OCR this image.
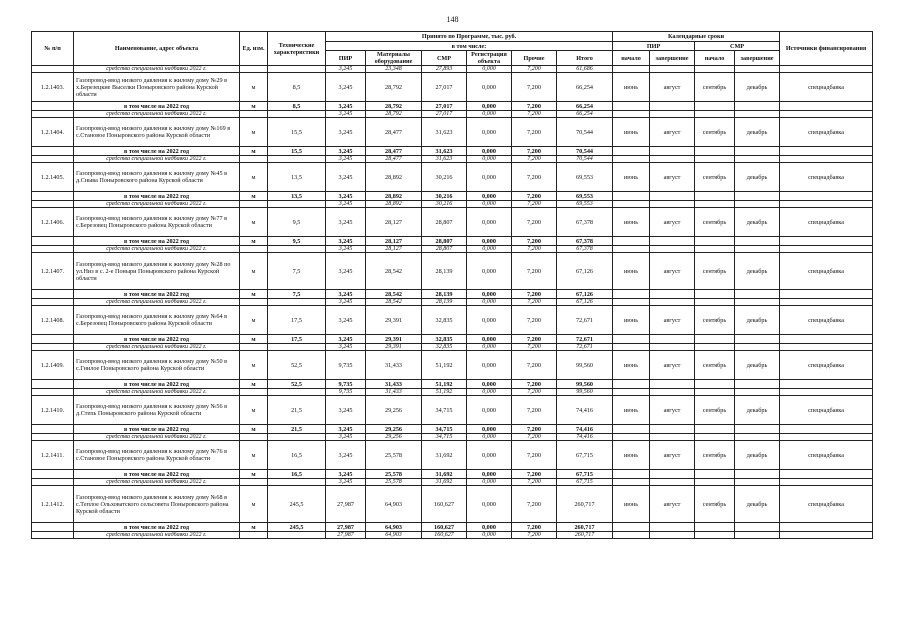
148
№ п/п	Наименование, адрес объекта	Ед. изм.	Технические характеристики	Принято по Программе, тыс. руб.						Календарные сроки				Источники финансирования
				в том числе:						ПИР		СМР		
				ПИР	Материалы оборудование	СМР	Регистрация объекта	Прочие	Итого	начало	завершение	начало	завершение	
	средства специальной надбавки 2022 г.			3,245	23,348	27,893	0,000	7,200	61,686					
1.2.1403.	Газопровод-ввод низкого давления к жилому дому №29 в х.Березецкие Выселки Поныровского района Курской области	м	8,5	3,245	28,792	27,017	0,000	7,200	66,254	июнь	август	сентябрь	декабрь	спецнадбавка
	в том числе на 2022 год	м	8,5	3,245	28,792	27,017	0,000	7,200	66,254					
	средства специальной надбавки 2022 г.			3,245	28,792	27,017	0,000	7,200	66,254					
1.2.1404.	Газопровод-ввод низкого давления к жилому дому №169 в с.Становое Поныровского района Курской области	м	15,5	3,245	28,477	31,623	0,000	7,200	70,544	июнь	август	сентябрь	декабрь	спецнадбавка
	в том числе на 2022 год	м	15,5	3,245	28,477	31,623	0,000	7,200	70,544					
	средства специальной надбавки 2022 г.			3,245	28,477	31,623	0,000	7,200	70,544					
1.2.1405.	Газопровод-ввод низкого давления к жилому дому №45 в д.Сныва Поныровского района Курской области	м	13,5	3,245	28,892	30,216	0,000	7,200	69,553	июнь	август	сентябрь	декабрь	спецнадбавка
	в том числе на 2022 год	м	13,5	3,245	28,892	30,216	0,000	7,200	69,553					
	средства специальной надбавки 2022 г.			3,245	28,892	30,216	0,000	7,200	69,553					
1.2.1406.	Газопровод-ввод низкого давления к жилому дому №77 в с.Березовец Поныровского района Курской области	м	9,5	3,245	28,127	28,807	0,000	7,200	67,378	июнь	август	сентябрь	декабрь	спецнадбавка
	в том числе на 2022 год	м	9,5	3,245	28,127	28,807	0,000	7,200	67,378					
	средства специальной надбавки 2022 г.			3,245	28,127	28,807	0,000	7,200	67,378					
1.2.1407.	Газопровод-ввод низкого давления к жилому дому №28 по ул.Низ в с. 2-е Поныри Поныровского района Курской области	м	7,5	3,245	28,542	28,139	0,000	7,200	67,126	июнь	август	сентябрь	декабрь	спецнадбавка
	в том числе на 2022 год	м	7,5	3,245	28,542	28,139	0,000	7,200	67,126					
	средства специальной надбавки 2022 г.			3,245	28,542	28,139	0,000	7,200	67,126					
1.2.1408.	Газопровод-ввод низкого давления к жилому дому №64 в с.Березовец Поныровского района Курской области	м	17,5	3,245	29,391	32,835	0,000	7,200	72,671	июнь	август	сентябрь	декабрь	спецнадбавка
	в том числе на 2022 год	м	17,5	3,245	29,391	32,835	0,000	7,200	72,671					
	средства специальной надбавки 2022 г.			3,245	29,391	32,835	0,000	7,200	72,671					
1.2.1409.	Газопровод-ввод низкого давления к жилому дому №50 в с.Гнилое Поныровского района Курской области	м	52,5	9,735	31,433	51,192	0,000	7,200	99,560	июнь	август	сентябрь	декабрь	спецнадбавка
	в том числе на 2022 год	м	52,5	9,735	31,433	51,192	0,000	7,200	99,560					
	средства специальной надбавки 2022 г.			9,735	31,433	51,192	0,000	7,200	99,560					
1.2.1410.	Газопровод-ввод низкого давления к жилому дому №56 в д.Степь Поныровского района Курской области	м	21,5	3,245	29,256	34,715	0,000	7,200	74,416	июнь	август	сентябрь	декабрь	спецнадбавка
	в том числе на 2022 год	м	21,5	3,245	29,256	34,715	0,000	7,200	74,416					
	средства специальной надбавки 2022 г.			3,245	29,256	34,715	0,000	7,200	74,416					
1.2.1411.	Газопровод-ввод низкого давления к жилому дому №76 в с.Становое Поныровского района Курской области	м	16,5	3,245	25,578	31,692	0,000	7,200	67,715	июнь	август	сентябрь	декабрь	спецнадбавка
	в том числе на 2022 год	м	16,5	3,245	25,578	31,692	0,000	7,200	67,715					
	средства специальной надбавки 2022 г.			3,245	25,578	31,692	0,000	7,200	67,715					
1.2.1412.	Газопровод-ввод низкого давления к жилому дому №68 в с.Теплое Ольховатского сельсовета Поныровского района Курской области	м	245,5	27,987	64,903	160,627	0,000	7,200	260,717	июнь	август	сентябрь	декабрь	спецнадбавка
	в том числе на 2022 год	м	245,5	27,987	64,903	160,627	0,000	7,200	260,717					
	средства специальной надбавки 2022 г.			27,987	64,903	160,627	0,000	7,200	260,717					
